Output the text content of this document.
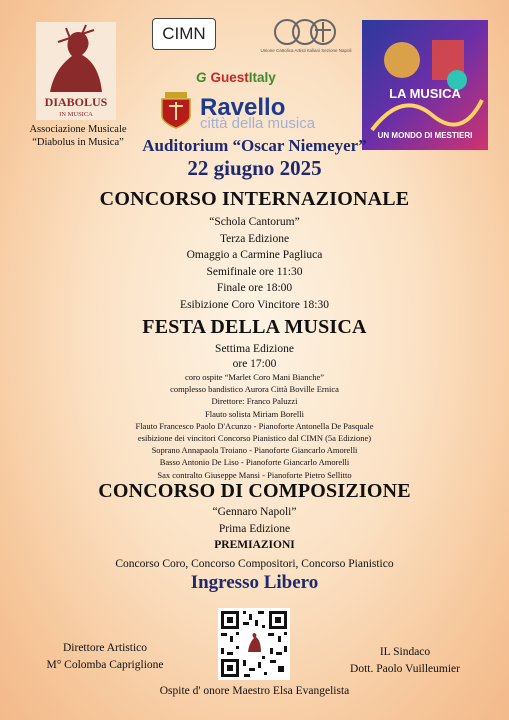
DIABOLUS
IN MUSICA
Associazione Musicale
“Diabolus in Musica”
CIMN
Unione Cattolica Artisti Italiani Sezione Napoli
G Guest Italy
Ravello
città della musica
LA MUSICA
UN MONDO DI MESTIERI
Auditorium “Oscar Niemeyer”
22 giugno 2025
CONCORSO INTERNAZIONALE
“Schola Cantorum”
Terza Edizione
Omaggio a Carmine Pagliuca
Semifinale ore 11:30
Finale ore 18:00
Esibizione Coro Vincitore 18:30
FESTA DELLA MUSICA
Settima Edizione
ore 17:00
coro ospite “Marlet Coro Mani Bianche”
complesso bandistico Aurora Città Boville Ernica
Direttore: Franco Paluzzi
Flauto solista Miriam Borelli
Flauto Francesco Paolo D'Acunzo - Pianoforte Antonella De Pasquale
esibizione dei vincitori Concorso Pianistico dal CIMN (5a Edizione)
Soprano Annapaola Troiano - Pianoforte Giancarlo Amorelli
Basso Antonio De Liso - Pianoforte Giancarlo Amorelli
Sax contralto Giuseppe Mansi - Pianoforte Pietro Sellitto
CONCORSO DI COMPOSIZIONE
“Gennaro Napoli”
Prima Edizione
PREMIAZIONI
Concorso Coro, Concorso Compositori, Concorso Pianistico
Ingresso Libero
Direttore Artistico
M° Colomba Capriglione
IL Sindaco
Dott. Paolo Vuilleumier
Ospite d' onore Maestro Elsa Evangelista
